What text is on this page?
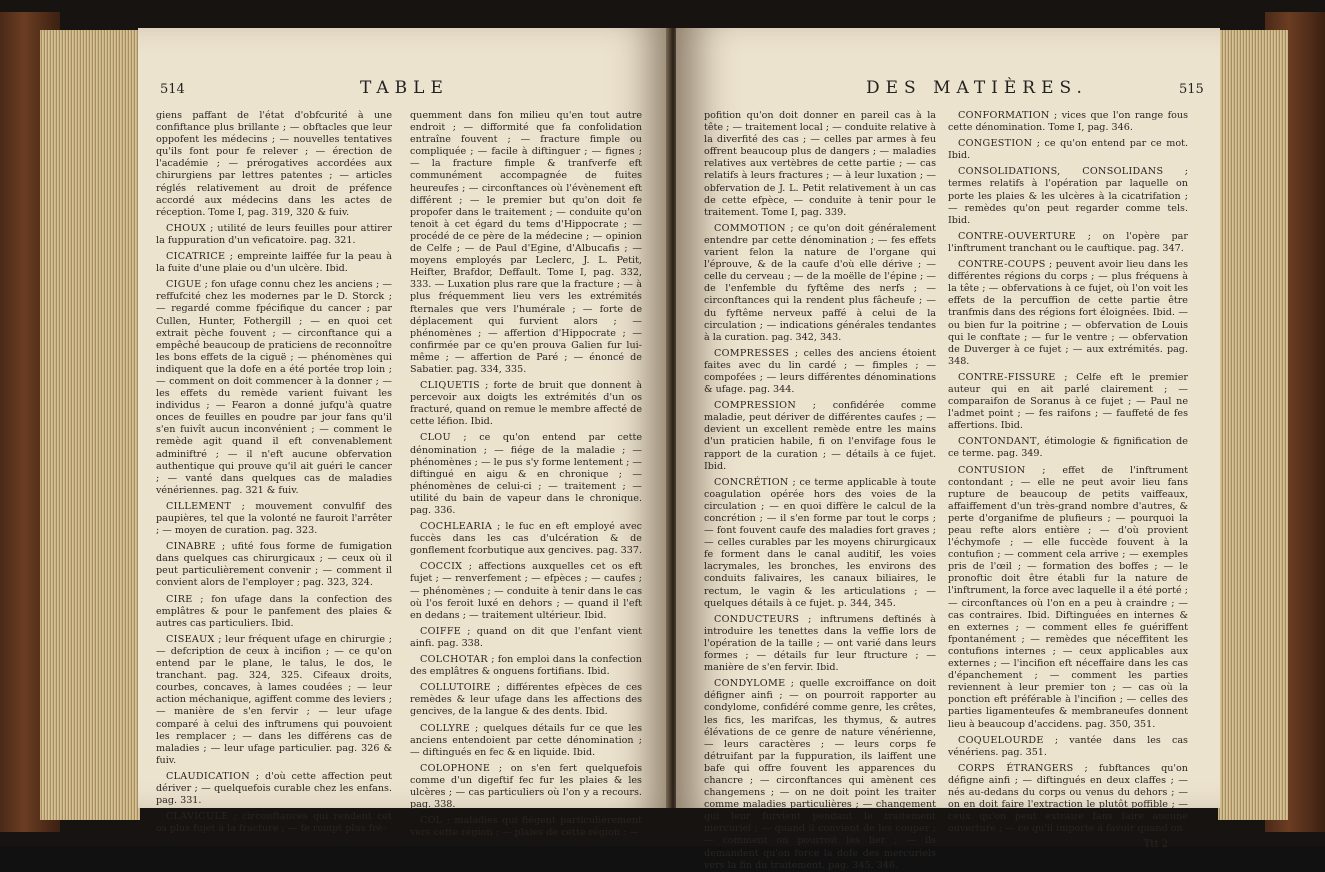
514	TABLE

giens paffant de l'état d'obfcurité à une confiftance plus brillante ; — obftacles que leur oppofent les médecins ; — nouvelles tentatives qu'ils font pour fe relever ; — érection de l'académie ; — prérogatives accordées aux chirurgiens par lettres patentes ; — articles réglés relativement au droit de préfence accordé aux médecins dans les actes de réception. Tome I, pag. 319, 320 & fuiv.

CHOUX ; utilité de leurs feuilles pour attirer la fuppuration d'un veficatoire. pag. 321.

CICATRICE ; empreinte laiffée fur la peau à la fuite d'une plaie ou d'un ulcère. Ibid.

CIGUE ; fon ufage connu chez les anciens ; — reffufcité chez les modernes par le D. Storck ; — regardé comme fpécifique du cancer ; par Cullen, Hunter, Fothergill ; — en quoi cet extrait pèche fouvent ; — circonftance qui a empêché beaucoup de praticiens de reconnoître les bons effets de la ciguë ; — phénomènes qui indiquent que la dofe en a été portée trop loin ; — comment on doit commencer à la donner ; — les effets du remède varient fuivant les individus ; — Fearon a donné jufqu'à quatre onces de feuilles en poudre par jour fans qu'il s'en fuivît aucun inconvénient ; — comment le remède agit quand il eft convenablement adminiftré ; — il n'eft aucune obfervation authentique qui prouve qu'il ait guéri le cancer ; — vanté dans quelques cas de maladies vénériennes. pag. 321 & fuiv.

CILLEMENT ; mouvement convulfif des paupières, tel que la volonté ne fauroit l'arrêter ; — moyen de curation. pag. 323.

CINABRE ; ufité fous forme de fumigation dans quelques cas chirurgicaux ; — ceux où il peut particulièrement convenir ; — comment il convient alors de l'employer ; pag. 323, 324.

CIRE ; fon ufage dans la confection des emplâtres & pour le panfement des plaies & autres cas particuliers. Ibid.

CISEAUX ; leur fréquent ufage en chirurgie ; — defcription de ceux à incifion ; — ce qu'on entend par le plane, le talus, le dos, le tranchant. pag. 324, 325. Cifeaux droits, courbes, concaves, à lames coudées ; — leur action méchanique, agiffent comme des leviers ; — manière de s'en fervir ; — leur ufage comparé à celui des inftrumens qui pouvoient les remplacer ; — dans les différens cas de maladies ; — leur ufage particulier. pag. 326 & fuiv.

CLAUDICATION ; d'où cette affection peut dériver ; — quelquefois curable chez les enfans. pag. 331.

CLAVICULE ; circonftances qui rendent cet os plus fujet à la fracture ; — fe rompt plus fré-

quemment dans fon milieu qu'en tout autre endroit ; — difformité que fa confolidation entraîne fouvent ; — fracture fimple ou compliquée ; — facile à diftinguer ; — fignes ; — la fracture fimple & tranfverfe eft communément accompagnée de fuites heureufes ; — circonftances où l'évènement eft différent ; — le premier but qu'on doit fe propofer dans le traitement ; — conduite qu'on tenoit à cet égard du tems d'Hippocrate ; — procédé de ce père de la médecine ; — opinion de Celfe ; — de Paul d'Egine, d'Albucafis ; — moyens employés par Leclerc, J. L. Petit, Heifter, Brafdor, Deffault. Tome I, pag. 332, 333. — Luxation plus rare que la fracture ; — à plus fréquemment lieu vers les extrémités fternales que vers l'humérale ; — forte de déplacement qui furvient alors ; — phénomènes ; — affertion d'Hippocrate ; — confirmée par ce qu'en prouva Galien fur lui-même ; — affertion de Paré ; — énoncé de Sabatier. pag. 334, 335.

CLIQUETIS ; forte de bruit que donnent à percevoir aux doigts les extrémités d'un os fracturé, quand on remue le membre affecté de cette léfion. Ibid.

CLOU ; ce qu'on entend par cette dénomination ; — fiége de la maladie ; — phénomènes ; — le pus s'y forme lentement ; — diftingué en aigu & en chronique ; — phénomènes de celui-ci ; — traitement ; — utilité du bain de vapeur dans le chronique. pag. 336.

COCHLEARIA ; le fuc en eft employé avec fuccès dans les cas d'ulcération & de gonflement fcorbutique aux gencives. pag. 337.

COCCIX ; affections auxquelles cet os eft fujet ; — renverfement ; — efpèces ; — caufes ; — phénomènes ; — conduite à tenir dans le cas où l'os feroit luxé en dehors ; — quand il l'eft en dedans ; — traitement ultérieur. Ibid.

COIFFE ; quand on dit que l'enfant vient ainfi. pag. 338.

COLCHOTAR ; fon emploi dans la confection des emplâtres & onguens fortifians. Ibid.

COLLUTOIRE ; différentes efpèces de ces remèdes & leur ufage dans les affections des gencives, de la langue & des dents. Ibid.

COLLYRE ; quelques détails fur ce que les anciens entendoient par cette dénomination ; — diftingués en fec & en liquide. Ibid.

COLOPHONE ; on s'en fert quelquefois comme d'un digeftif fec fur les plaies & les ulcères ; — cas particuliers où l'on y a recours. pag. 338.

COL ; maladies qui fiégent particulièrement vers cette région ; — plaies de cette région ; —

DES MATIÈRES.	515

pofition qu'on doit donner en pareil cas à la tête ; — traitement local ; — conduite relative à la diverfité des cas ; — celles par armes à feu offrent beaucoup plus de dangers ; — maladies relatives aux vertèbres de cette partie ; — cas relatifs à leurs fractures ; — à leur luxation ; — obfervation de J. L. Petit relativement à un cas de cette efpèce, — conduite à tenir pour le traitement. Tome I, pag. 339.

COMMOTION ; ce qu'on doit généralement entendre par cette dénomination ; — fes effets varient felon la nature de l'organe qui l'éprouve, & de la caufe d'où elle dérive ; — celle du cerveau ; — de la moëlle de l'épine ; — de l'enfemble du fyftême des nerfs ; — circonftances qui la rendent plus fâcheufe ; — du fyftême nerveux paffé à celui de la circulation ; — indications générales tendantes à la curation. pag. 342, 343.

COMPRESSES ; celles des anciens étoient faites avec du lin cardé ; — fimples ; — compofées ; — leurs différentes dénominations & ufage. pag. 344.

COMPRESSION ; confidérée comme maladie, peut dériver de différentes caufes ; — devient un excellent remède entre les mains d'un praticien habile, fi on l'envifage fous le rapport de la curation ; — détails à ce fujet. Ibid.

CONCRÉTION ; ce terme applicable à toute coagulation opérée hors des voies de la circulation ; — en quoi diffère le calcul de la concrétion ; — il s'en forme par tout le corps ; — font fouvent caufe des maladies fort graves ; — celles curables par les moyens chirurgicaux fe forment dans le canal auditif, les voies lacrymales, les bronches, les environs des conduits falivaires, les canaux biliaires, le rectum, le vagin & les articulations ; — quelques détails à ce fujet. p. 344, 345.

CONDUCTEURS ; inftrumens deftinés à introduire les tenettes dans la veffie lors de l'opération de la taille ; — ont varié dans leurs formes ; — détails fur leur ftructure ; — manière de s'en fervir. Ibid.

CONDYLOME ; quelle excroiffance on doit défigner ainfi ; — on pourroit rapporter au condylome, confidéré comme genre, les crêtes, les fics, les marifcas, les thymus, & autres élévations de ce genre de nature vénérienne, — leurs caractères ; — leurs corps fe détruifant par la fuppuration, ils laiffent une bafe qui offre fouvent les apparences du chancre ; — circonftances qui amènent ces changemens ; — on ne doit point les traiter comme maladies particulières ; — changement qui leur furvient pendant le traitement mercuriel ; — quand il convient de les couper ; — comment on pourroit les lier ; — ils demandent qu'on force la dofe des mercuriels vers la fin du traitement. pag. 345, 346.

CONFORMATION ; vices que l'on range fous cette dénomination. Tome I, pag. 346.

CONGESTION ; ce qu'on entend par ce mot. Ibid.

CONSOLIDATIONS, CONSOLIDANS ; termes relatifs à l'opération par laquelle on porte les plaies & les ulcères à la cicatrifation ; — remèdes qu'on peut regarder comme tels. Ibid.

CONTRE-OUVERTURE ; on l'opère par l'inftrument tranchant ou le cauftique. pag. 347.

CONTRE-COUPS ; peuvent avoir lieu dans les différentes régions du corps ; — plus fréquens à la tête ; — obfervations à ce fujet, où l'on voit les effets de la percuffion de cette partie être tranfmis dans des régions fort éloignées. Ibid. — ou bien fur la poitrine ; — obfervation de Louis qui le conftate ; — fur le ventre ; — obfervation de Duverger à ce fujet ; — aux extrémités. pag. 348.

CONTRE-FISSURE ; Celfe eft le premier auteur qui en ait parlé clairement ; — comparaifon de Soranus à ce fujet ; — Paul ne l'admet point ; — fes raifons ; — fauffeté de fes affertions. Ibid.

CONTONDANT, étimologie & fignification de ce terme. pag. 349.

CONTUSION ; effet de l'inftrument contondant ; — elle ne peut avoir lieu fans rupture de beaucoup de petits vaiffeaux, affaiffement d'un très-grand nombre d'autres, & perte d'organifme de plufieurs ; — pourquoi la peau refte alors entière ; — d'où provient l'échymofe ; — elle fuccède fouvent à la contufion ; — comment cela arrive ; — exemples pris de l'œil ; — formation des boffes ; — le pronoftic doit être établi fur la nature de l'inftrument, la force avec laquelle il a été porté ; — circonftances où l'on en a peu à craindre ; — cas contraires. Ibid. Diftinguées en internes & en externes ; — comment elles fe guériffent fpontanément ; — remèdes que néceffitent les contufions internes ; — ceux applicables aux externes ; — l'incifion eft néceffaire dans les cas d'épanchement ; — comment les parties reviennent à leur premier ton ; — cas où la ponction eft préférable à l'incifion ; — celles des parties ligamenteufes & membraneufes donnent lieu à beaucoup d'accidens. pag. 350, 351.

COQUELOURDE ; vantée dans les cas vénériens. pag. 351.

CORPS ÉTRANGERS ; fubftances qu'on défigne ainfi ; — diftingués en deux claffes ; — nés au-dedans du corps ou venus du dehors ; — on en doit faire l'extraction le plutôt poffible ; — ceux qu'on peut extraire fans faire aucune ouverture ; — ce qu'il importe à favoir quand on

Ttt 2
